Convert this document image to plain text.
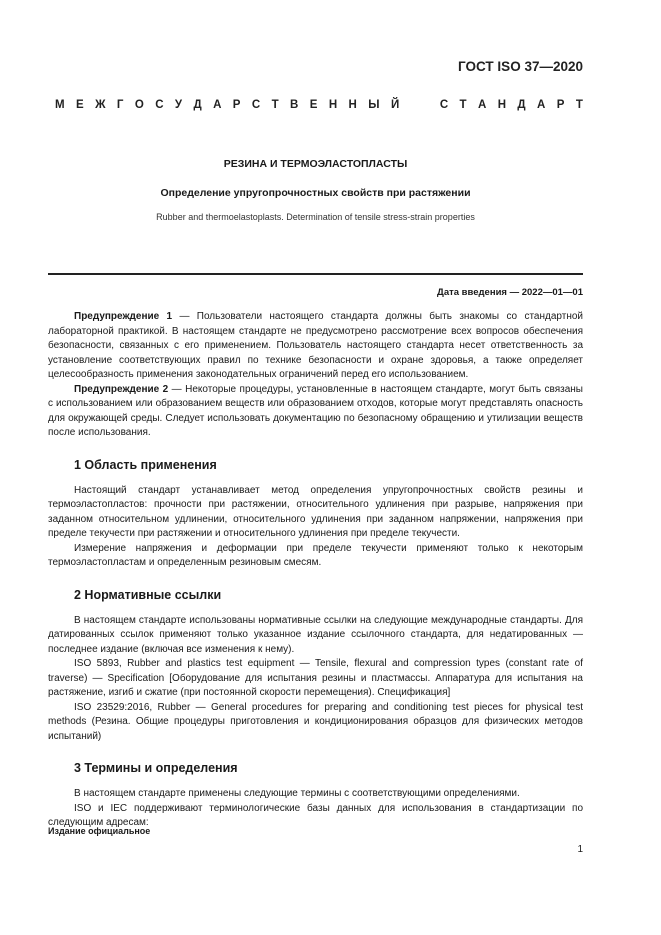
ГОСТ ISO 37—2020
М Е Ж Г О С У Д А Р С Т В Е Н Н Ы Й

	С Т А Н Д А Р Т
РЕЗИНА И ТЕРМОЭЛАСТОПЛАСТЫ
Определение упругопрочностных свойств при растяжении
Rubber and thermoelastoplasts. Determination of tensile stress-strain properties
Дата введения — 2022—01—01

Предупреждение 1 — Пользователи настоящего стандарта должны быть знакомы со стандартной лабораторной практикой. В настоящем стандарте не предусмотрено рассмотрение всех вопросов обеспечения безопасности, связанных с его применением. Пользователь настоящего стандарта несет ответственность за установление соответствующих правил по технике безопасности и охране здоровья, а также определяет целесообразность применения законодательных ограничений перед его использованием.

Предупреждение 2 — Некоторые процедуры, установленные в настоящем стандарте, могут быть связаны с использованием или образованием веществ или образованием отходов, которые могут представлять опасность для окружающей среды. Следует использовать документацию по безопасному обращению и утилизации веществ после использования.

1 Область применения

Настоящий стандарт устанавливает метод определения упругопрочностных свойств резины и термоэластопластов: прочности при растяжении, относительного удлинения при разрыве, напряжения при заданном относительном удлинении, относительного удлинения при заданном напряжении, напряжения при пределе текучести при растяжении и относительного удлинения при пределе текучести.

Измерение напряжения и деформации при пределе текучести применяют только к некоторым термоэластопластам и определенным резиновым смесям.

2 Нормативные ссылки

В настоящем стандарте использованы нормативные ссылки на следующие международные стандарты. Для датированных ссылок применяют только указанное издание ссылочного стандарта, для недатированных — последнее издание (включая все изменения к нему).

ISO 5893, Rubber and plastics test equipment — Tensile, flexural and compression types (constant rate of traverse) — Specification [Оборудование для испытания резины и пластмассы. Аппаратура для испытания на растяжение, изгиб и сжатие (при постоянной скорости перемещения). Спецификация]

ISO 23529:2016, Rubber — General procedures for preparing and conditioning test pieces for physical test methods (Резина. Общие процедуры приготовления и кондиционирования образцов для физических методов испытаний)

3 Термины и определения

В настоящем стандарте применены следующие термины с соответствующими определениями.

ISO и IEC поддерживают терминологические базы данных для использования в стандартизации по следующим адресам:

Издание официальное
1
